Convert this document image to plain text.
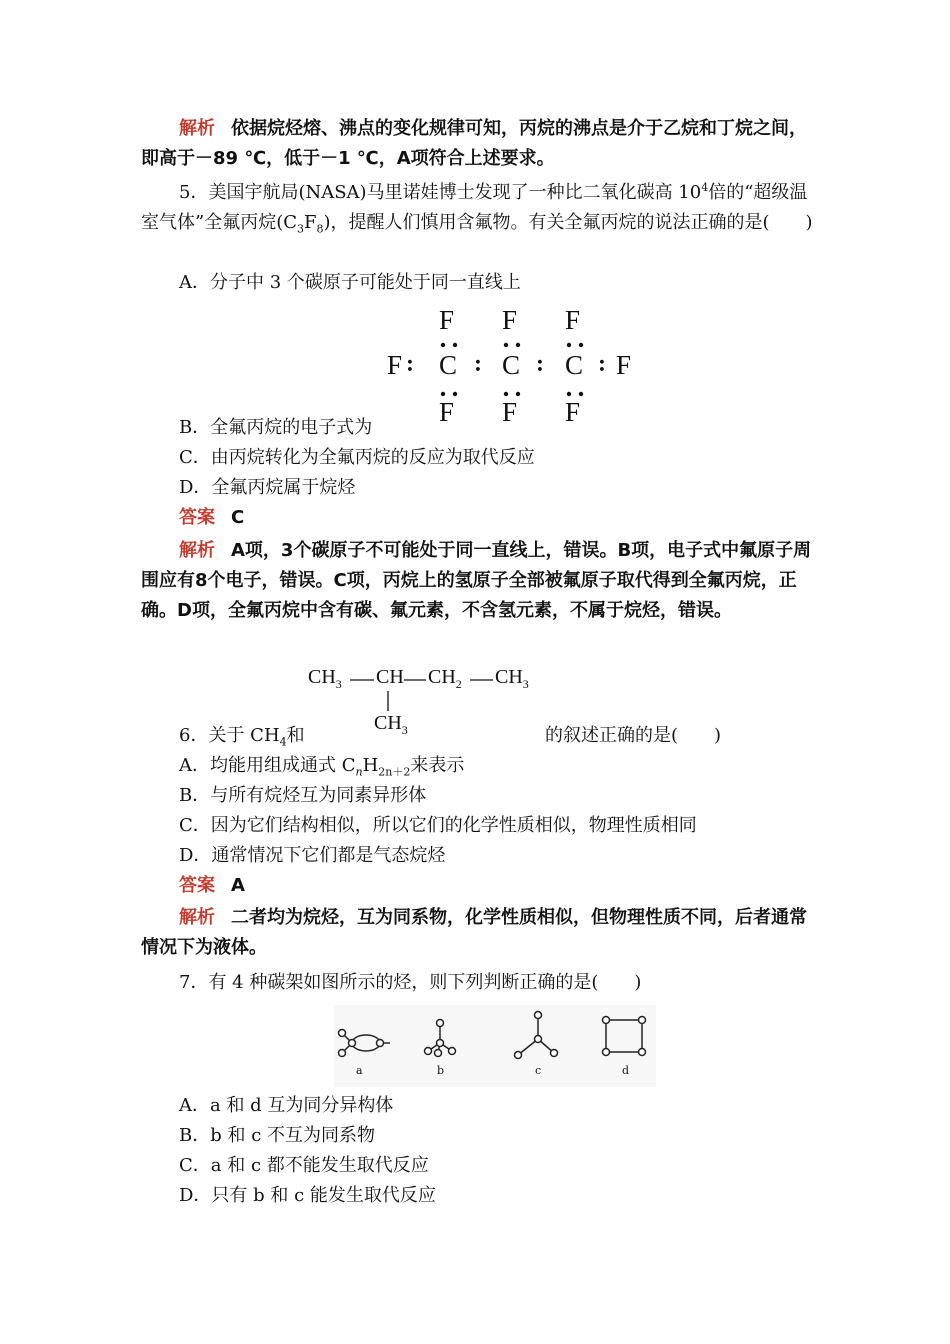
解析 依据烷烃熔、沸点的变化规律可知，丙烷的沸点是介于乙烷和丁烷之间，即高于－89 ℃，低于－1 ℃，A项符合上述要求。

5．美国宇航局(NASA)马里诺娃博士发现了一种比二氧化碳高 $10^4$倍的“超级温室气体”全氟丙烷$(C_3F_8)$，提醒人们慎用含氟物。有关全氟丙烷的说法正确的是(　　)

A．分子中 3 个碳原子可能处于同一直线上
F F F
F : C : C : C : F
F F F
B．全氟丙烷的电子式为
C．由丙烷转化为全氟丙烷的反应为取代反应
D．全氟丙烷属于烷烃
答案 C

解析 A项，3个碳原子不可能处于同一直线上，错误。B项，电子式中氟原子周围应有8个电子，错误。C项，丙烷上的氢原子全部被氟原子取代得到全氟丙烷，正确。D项，全氟丙烷中含有碳、氟元素，不含氢元素，不属于烷烃，错误。

$CH_3$ CH $CH_2$ $CH_3$
$CH_3$
6．关于 $CH_4$和	的叙述正确的是(　　)
A．均能用组成通式 $C_nH_{2n+2}$来表示
B．与所有烷烃互为同素异形体
C．因为它们结构相似，所以它们的化学性质相似，物理性质相同
D．通常情况下它们都是气态烷烃
答案 A

解析 二者均为烷烃，互为同系物，化学性质相似，但物理性质不同，后者通常情况下为液体。

7．有 4 种碳架如图所示的烃，则下列判断正确的是(　　)
a	b	c	d
A．a 和 d 互为同分异构体
B．b 和 c 不互为同系物
C．a 和 c 都不能发生取代反应
D．只有 b 和 c 能发生取代反应
